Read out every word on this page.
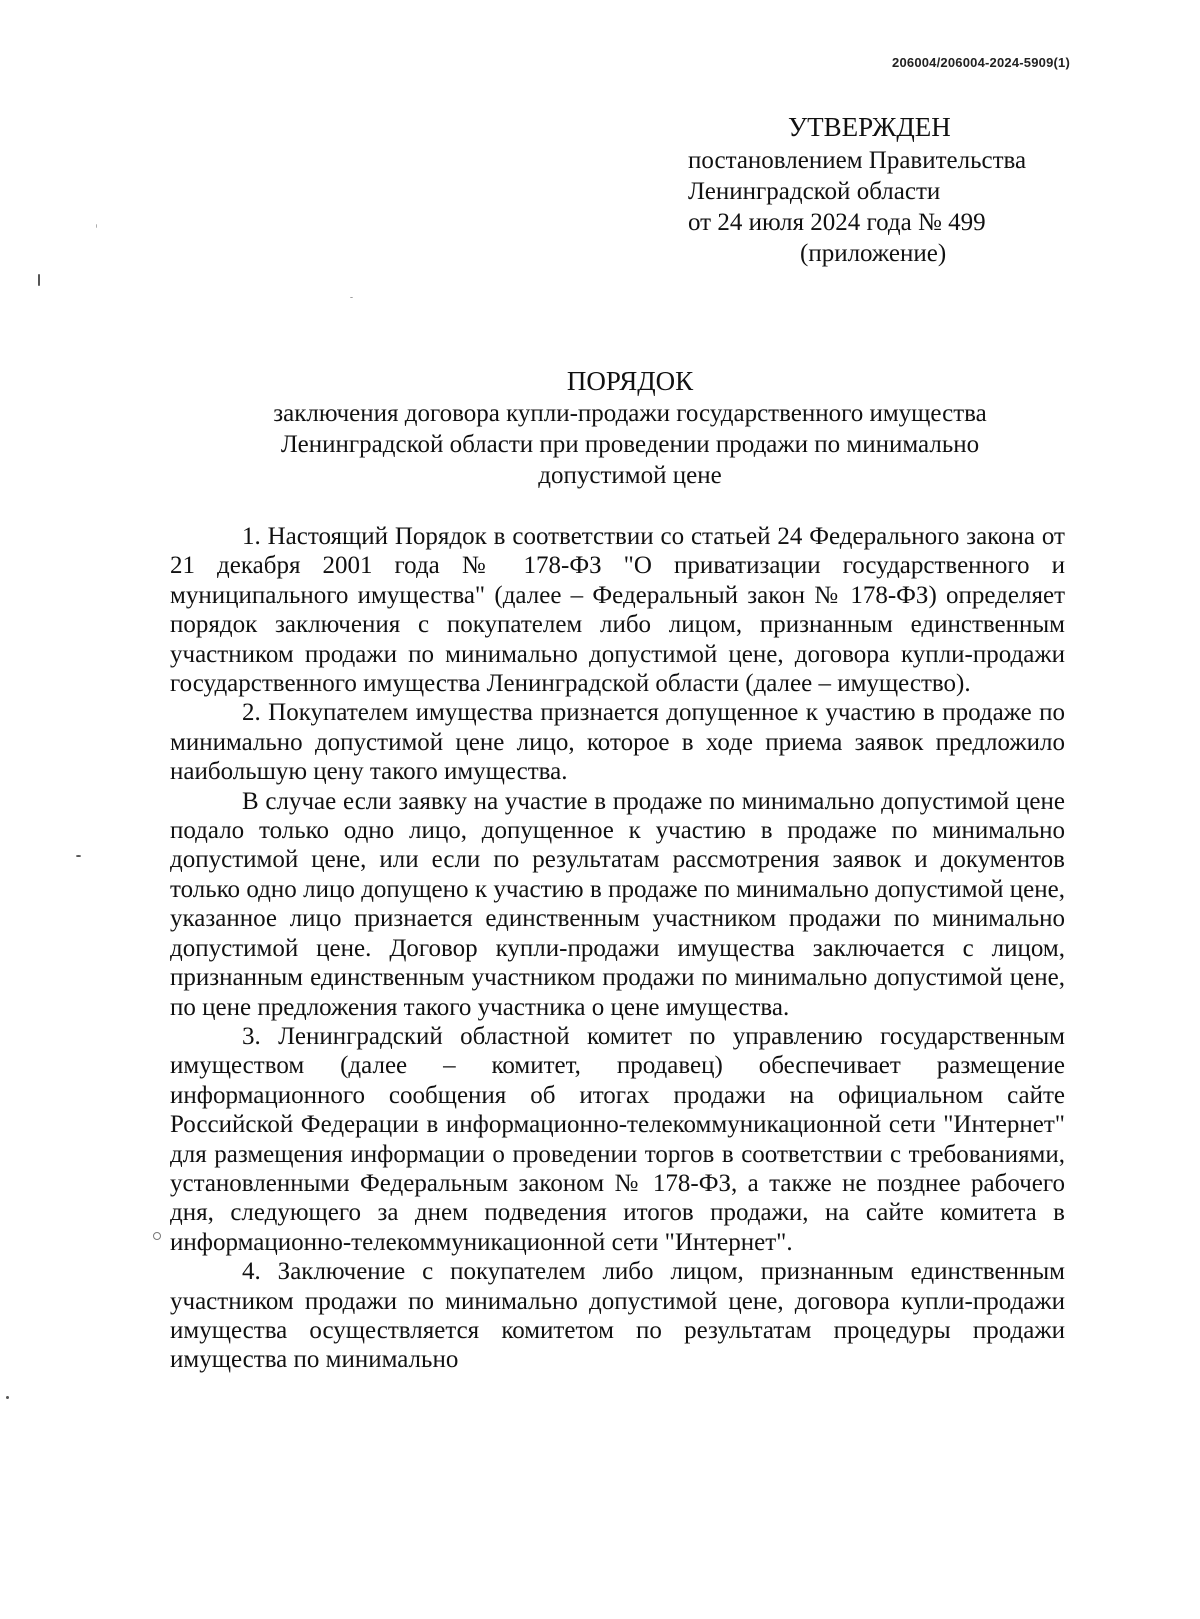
206004/206004-2024-5909(1)
УТВЕРЖДЕН
постановлением Правительства
Ленинградской области
от 24 июля 2024 года № 499
(приложение)
ПОРЯДОК
заключения договора купли-продажи государственного имущества Ленинградской области при проведении продажи по минимально допустимой цене

1. Настоящий Порядок в соответствии со статьей 24 Федерального закона от 21 декабря 2001 года № 178-ФЗ "О приватизации государственного и муниципального имущества" (далее – Федеральный закон № 178-ФЗ) определяет порядок заключения с покупателем либо лицом, признанным единственным участником продажи по минимально допустимой цене, договора купли-продажи государственного имущества Ленинградской области (далее – имущество).

2. Покупателем имущества признается допущенное к участию в продаже по минимально допустимой цене лицо, которое в ходе приема заявок предложило наибольшую цену такого имущества.

В случае если заявку на участие в продаже по минимально допустимой цене подало только одно лицо, допущенное к участию в продаже по минимально допустимой цене, или если по результатам рассмотрения заявок и документов только одно лицо допущено к участию в продаже по минимально допустимой цене, указанное лицо признается единственным участником продажи по минимально допустимой цене. Договор купли-продажи имущества заключается с лицом, признанным единственным участником продажи по минимально допустимой цене, по цене предложения такого участника о цене имущества.

3. Ленинградский областной комитет по управлению государственным имуществом (далее – комитет, продавец) обеспечивает размещение информационного сообщения об итогах продажи на официальном сайте Российской Федерации в информационно-телекоммуникационной сети "Интернет" для размещения информации о проведении торгов в соответствии с требованиями, установленными Федеральным законом № 178-ФЗ, а также не позднее рабочего дня, следующего за днем подведения итогов продажи, на сайте комитета в информационно-телекоммуникационной сети "Интернет".

4. Заключение с покупателем либо лицом, признанным единственным участником продажи по минимально допустимой цене, договора купли-продажи имущества осуществляется комитетом по результатам процедуры продажи имущества по минимально
